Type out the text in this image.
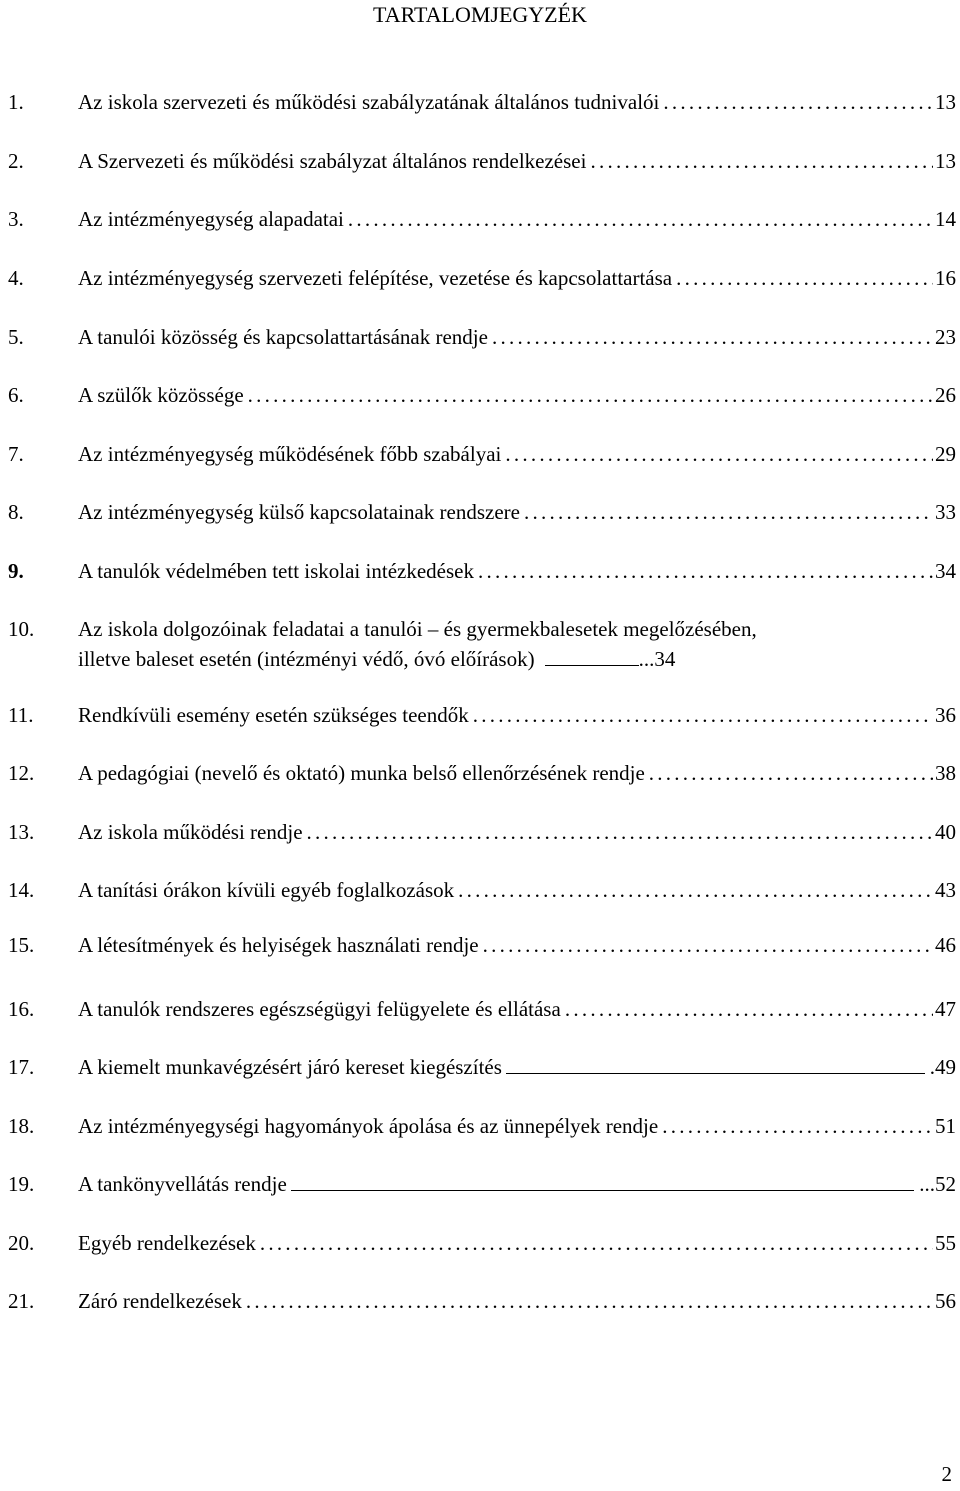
TARTALOMJEGYZÉK
1.	Az iskola szervezeti és működési szabályzatának általános tudnivalói . . .	13
2.	A Szervezeti és működési szabályzat általános rendelkezései . . .	13
3.	Az intézményegység alapadatai . . .	14
4.	Az intézményegység szervezeti felépítése, vezetése és kapcsolattartása . . .	16
5.	A tanulói közösség és kapcsolattartásának rendje . . .	23
6.	A szülők közössége . . .	26
7.	Az intézményegység működésének főbb szabályai . . .	29
8.	Az intézményegység külső kapcsolatainak rendszere . . .	33
9.	A tanulók védelmében tett iskolai intézkedések . . .	34
10. Az iskola dolgozóinak feladatai a tanulói – és gyermekbalesetek megelőzésében,
illetve baleset esetén (intézményi védő, óvó előírások)	...34
11.	Rendkívüli esemény esetén szükséges teendők . . .	36
12.	A pedagógiai (nevelő és oktató) munka belső ellenőrzésének rendje . . .	38
13.	Az iskola működési rendje . . .	40
14.	A tanítási órákon kívüli egyéb foglalkozások . . .	43
15.	A létesítmények és helyiségek használati rendje . . .	46
16.	A tanulók rendszeres egészségügyi felügyelete és ellátása . . .	47
17.	A kiemelt munkavégzésért járó kereset kiegészítés	.49
18.	Az intézményegységi hagyományok ápolása és az ünnepélyek rendje . . .	51
19.	A tankönyvellátás rendje	...52
20.	Egyéb rendelkezések . . .	55
21.	Záró rendelkezések . . .	56
2
